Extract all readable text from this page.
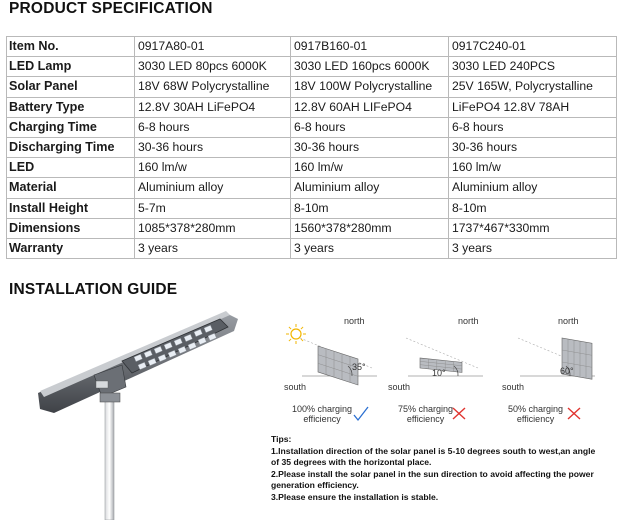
PRODUCT SPECIFICATION
Item No.	0917A80-01	0917B160-01	0917C240-01
LED Lamp	3030 LED 80pcs 6000K	3030 LED 160pcs 6000K	3030 LED 240PCS
Solar Panel	18V 68W Polycrystalline	18V 100W Polycrystalline	25V 165W, Polycrystalline
Battery Type	12.8V 30AH LiFePO4	12.8V 60AH LIFePO4	LiFePO4 12.8V 78AH
Charging Time	6-8 hours	6-8 hours	6-8 hours
Discharging Time	30-36 hours	30-36 hours	30-36 hours
LED	160 lm/w	160 lm/w	160 lm/w
Material	Aluminium alloy	Aluminium alloy	Aluminium alloy
Install Height	5-7m	8-10m	8-10m
Dimensions	1085*378*280mm	1560*378*280mm	1737*467*330mm
Warranty	3 years	3 years	3 years
INSTALLATION GUIDE
north
south
35°
100% charging
efficiency
north
south
10°
75% charging
efficiency
north
south
60°
50% charging
efficiency
Tips:
1.Installation direction of the solar panel is 5-10 degrees south to west,an angle
of 35 degrees with the horizontal place.
2.Please install the solar panel in the sun direction to avoid affecting the power
generation efficiency.
3.Please ensure the installation is stable.
